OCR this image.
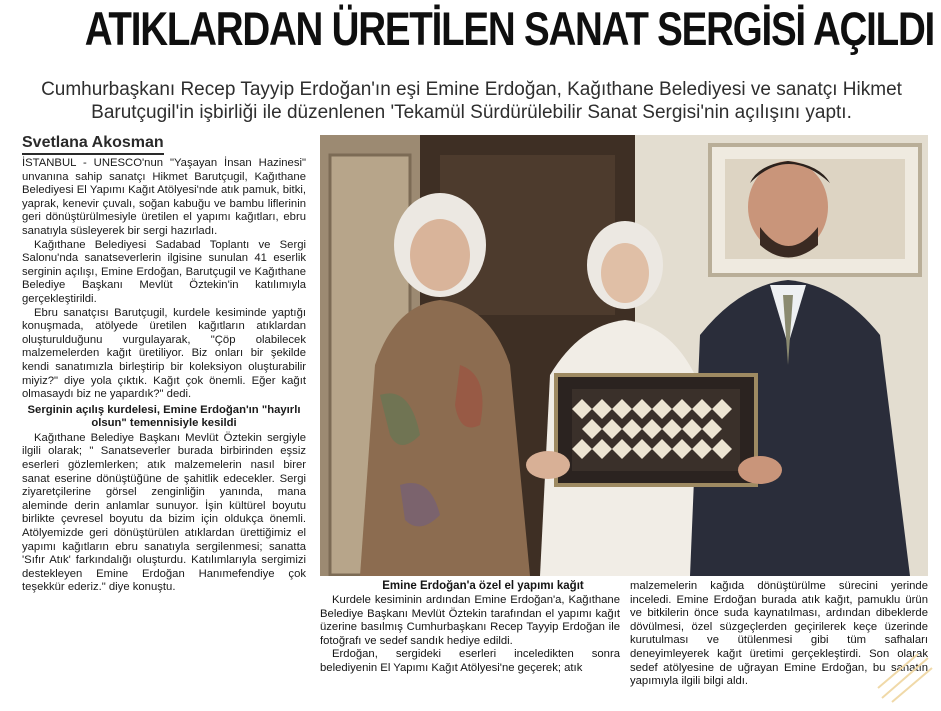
ATIKLARDAN ÜRETİLEN SANAT SERGİSİ AÇILDI
Cumhurbaşkanı Recep Tayyip Erdoğan'ın eşi Emine Erdoğan, Kağıthane Belediyesi ve sanatçı Hikmet Barutçugil'in işbirliği ile düzenlenen 'Tekamül Sürdürülebilir Sanat Sergisi'nin açılışını yaptı.
Svetlana Akosman

İSTANBUL - UNESCO'nun "Yaşayan İnsan Hazinesi" unvanına sahip sanatçı Hikmet Barutçugil, Kağıthane Belediyesi El Yapımı Kağıt Atölyesi'nde atık pamuk, bitki, yaprak, kenevir çuvalı, soğan kabuğu ve bambu liflerinin geri dönüştürülmesiyle üretilen el yapımı kağıtları, ebru sanatıyla süsleyerek bir sergi hazırladı.

Kağıthane Belediyesi Sadabad Toplantı ve Sergi Salonu'nda sanatseverlerin ilgisine sunulan 41 eserlik serginin açılışı, Emine Erdoğan, Barutçugil ve Kağıthane Belediye Başkanı Mevlüt Öztekin'in katılımıyla gerçekleştirildi.

Ebru sanatçısı Barutçugil, kurdele kesiminde yaptığı konuşmada, atölyede üretilen kağıtların atıklardan oluşturulduğunu vurgulayarak, "Çöp olabilecek malzemelerden kağıt üretiliyor. Biz onları bir şekilde kendi sanatımızla birleştirip bir koleksiyon oluşturabilir miyiz?" diye yola çıktık. Kağıt çok önemli. Eğer kağıt olmasaydı biz ne yapardık?" dedi.

Serginin açılış kurdelesi, Emine Erdoğan'ın "hayırlı olsun" temennisiyle kesildi

Kağıthane Belediye Başkanı Mevlüt Öztekin sergiyle ilgili olarak; " Sanatseverler burada birbirinden eşsiz eserleri gözlemlerken; atık malzemelerin nasıl birer sanat eserine dönüştüğüne de şahitlik edecekler. Sergi ziyaretçilerine görsel zenginliğin yanında, mana aleminde derin anlamlar sunuyor. İşin kültürel boyutu birlikte çevresel boyutu da bizim için oldukça önemli. Atölyemizde geri dönüştürülen atıklardan ürettiğimiz el yapımı kağıtların ebru sanatıyla sergilenmesi; sanatta 'Sıfır Atık' farkındalığı oluşturdu. Katılımlarıyla sergimizi destekleyen Emine Erdoğan Hanımefendiye çok teşekkür ederiz." diye konuştu.	Emine Erdoğan'a özel el yapımı kağıt

Kurdele kesiminin ardından Emine Erdoğan'a, Kağıthane Belediye Başkanı Mevlüt Öztekin tarafından el yapımı kağıt üzerine basılmış Cumhurbaşkanı Recep Tayyip Erdoğan ile fotoğrafı ve sedef sandık hediye edildi.

Erdoğan, sergideki eserleri inceledikten sonra belediyenin El Yapımı Kağıt Atölyesi'ne geçerek; atık

malzemelerin kağıda dönüştürülme sürecini yerinde inceledi. Emine Erdoğan burada atık kağıt, pamuklu ürün ve bitkilerin önce suda kaynatılması, ardından dibeklerde dövülmesi, özel süzgeçlerden geçirilerek keçe üzerinde kurutulması ve ütülenmesi gibi tüm safhaları deneyimleyerek kağıt üretimi gerçekleştirdi. Son olarak sedef atölyesine de uğrayan Emine Erdoğan, bu sanatın yapımıyla ilgili bilgi aldı.
